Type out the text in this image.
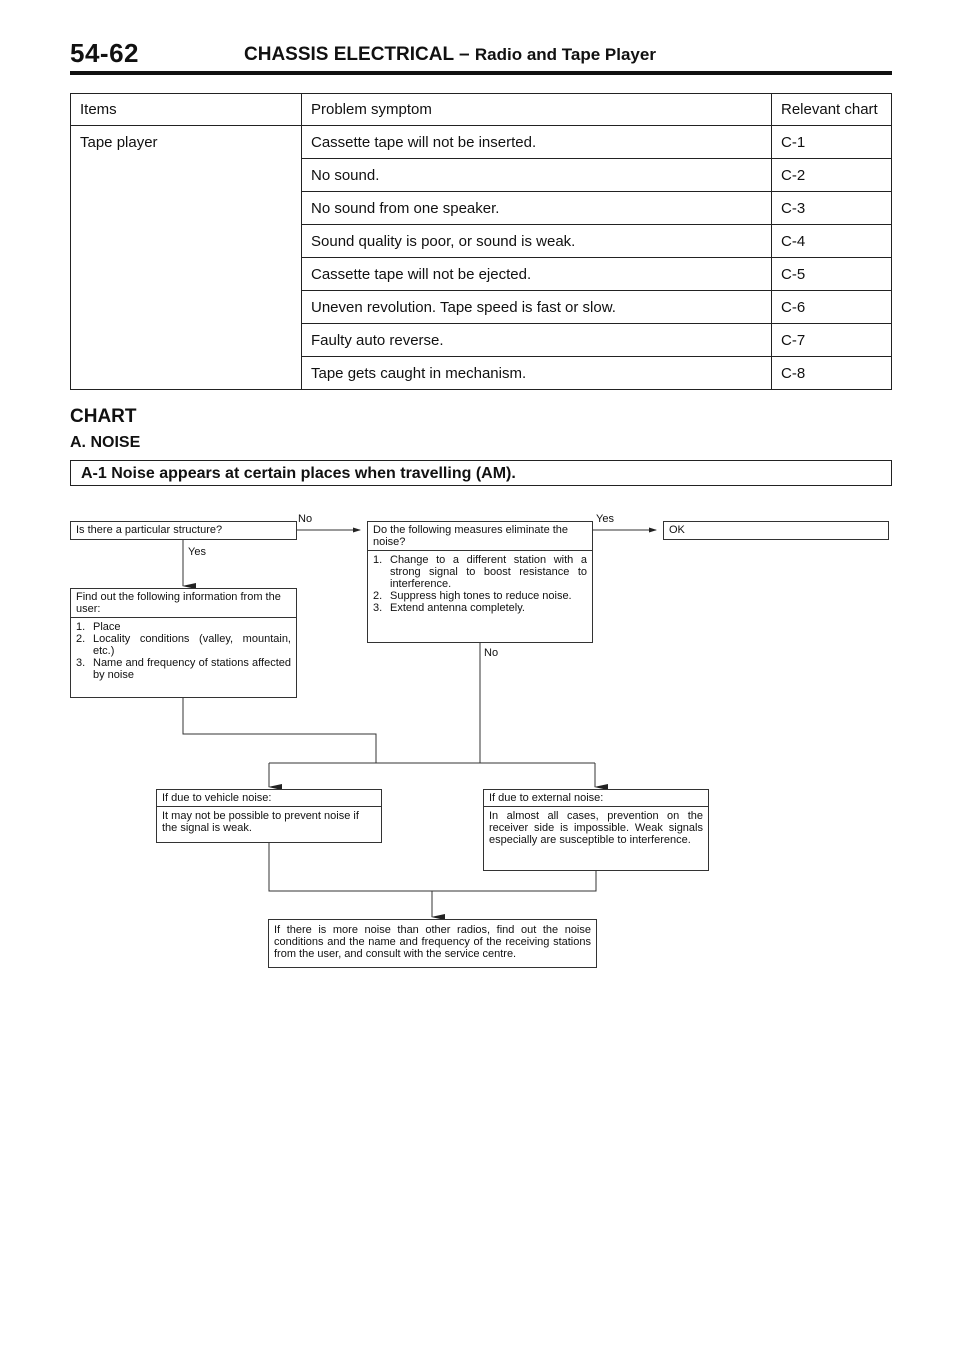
54-62	CHASSIS ELECTRICAL – Radio and Tape Player
Items	Problem symptom	Relevant chart
Tape player	Cassette tape will not be inserted.	C-1
	No sound.	C-2
	No sound from one speaker.	C-3
	Sound quality is poor, or sound is weak.	C-4
	Cassette tape will not be ejected.	C-5
	Uneven revolution. Tape speed is fast or slow.	C-6
	Faulty auto reverse.	C-7
	Tape gets caught in mechanism.	C-8
CHART
A. NOISE
A-1 Noise appears at certain places when travelling (AM).
Is there a particular structure?
No
Yes
Do the following measures eliminate the noise?
1. Change to a different station with a strong signal to boost resistance to interference.
2. Suppress high tones to reduce noise.
3. Extend antenna completely.
Yes
OK
No
Find out the following information from the user:
1. Place
2. Locality conditions (valley, mountain, etc.)
3. Name and frequency of stations affected by noise
If due to vehicle noise:
It may not be possible to prevent noise if the signal is weak.
If due to external noise:
In almost all cases, prevention on the receiver side is impossible. Weak signals especially are susceptible to interference.
If there is more noise than other radios, find out the noise conditions and the name and frequency of the receiving stations from the user, and consult with the service centre.
